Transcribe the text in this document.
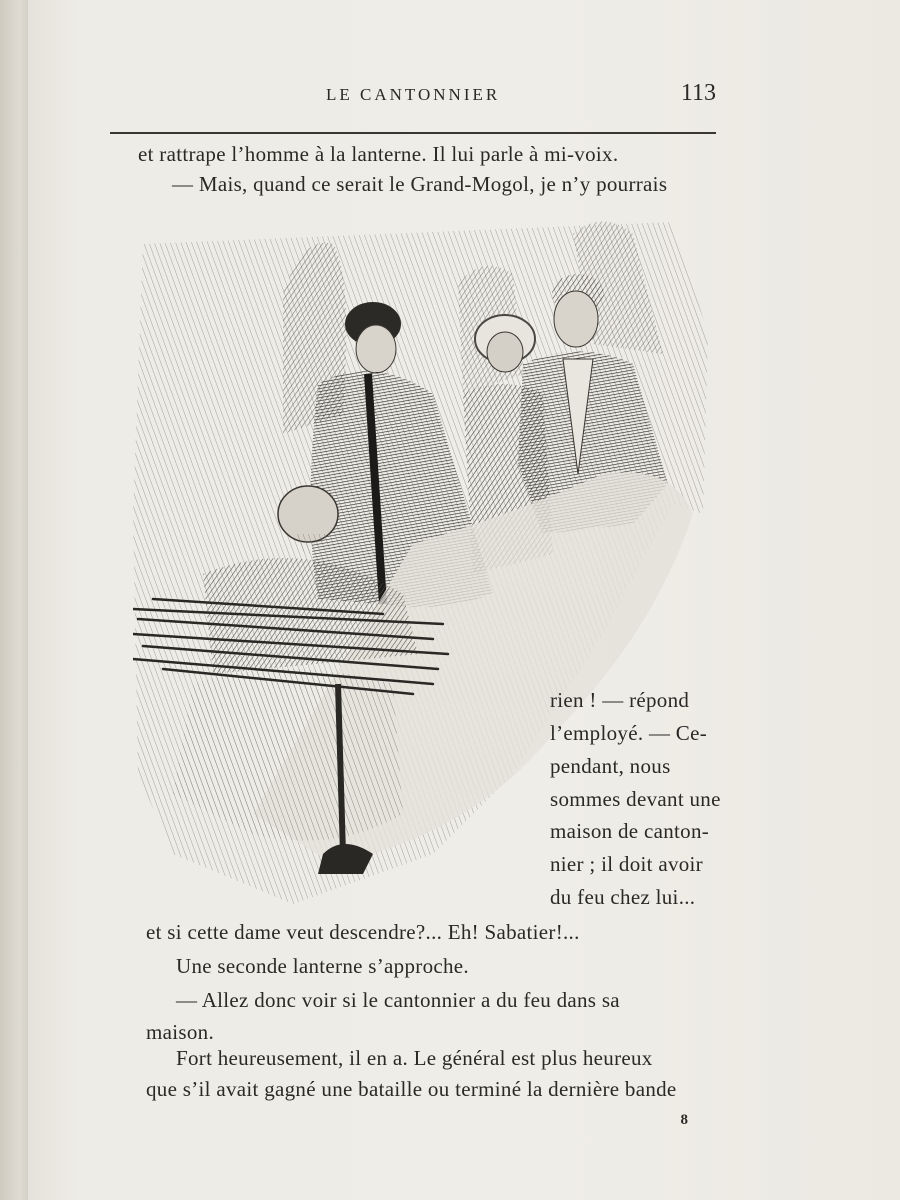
LE CANTONNIER	113
et rattrape l’homme à la lanterne. Il lui parle à mi-voix.
— Mais, quand ce serait le Grand-Mogol, je n’y pourrais
rien ! — répond
l’employé. — Ce-
pendant, nous
sommes devant une
maison de canton-
nier ; il doit avoir
du feu chez lui...
et si cette dame veut descendre?... Eh! Sabatier!...
Une seconde lanterne s’approche.
— Allez donc voir si le cantonnier a du feu dans sa
maison.
Fort heureusement, il en a. Le général est plus heureux
que s’il avait gagné une bataille ou terminé la dernière bande
8
